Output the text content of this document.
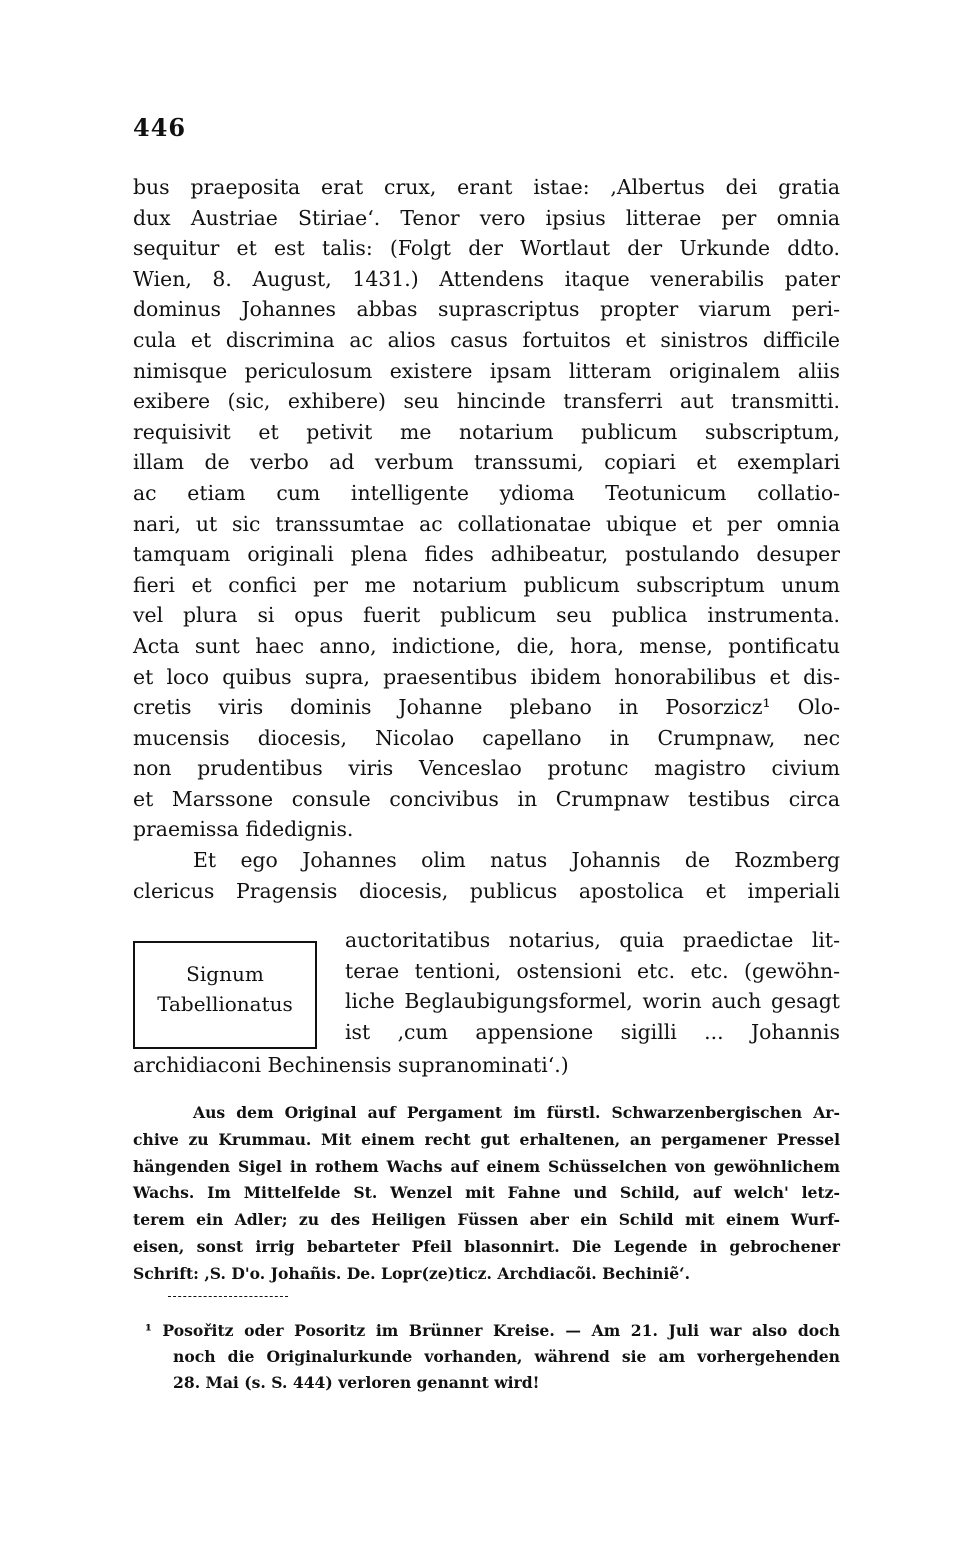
446
bus praeposita erat crux, erant istae: ,Albertus dei gratia
dux Austriae Stiriae‘. Tenor vero ipsius litterae per omnia
sequitur et est talis: (Folgt der Wortlaut der Urkunde ddto.
Wien, 8. August, 1431.) Attendens itaque venerabilis pater
dominus Johannes abbas suprascriptus propter viarum peri-
cula et discrimina ac alios casus fortuitos et sinistros difficile
nimisque periculosum existere ipsam litteram originalem aliis
exibere (sic, exhibere) seu hincinde transferri aut transmitti.
requisivit et petivit me notarium publicum subscriptum,
illam de verbo ad verbum transsumi, copiari et exemplari
ac etiam cum intelligente ydioma Teotunicum collatio-
nari, ut sic transsumtae ac collationatae ubique et per omnia
tamquam originali plena fides adhibeatur, postulando desuper
fieri et confici per me notarium publicum subscriptum unum
vel plura si opus fuerit publicum seu publica instrumenta.
Acta sunt haec anno, indictione, die, hora, mense, pontificatu
et loco quibus supra, praesentibus ibidem honorabilibus et dis-
cretis viris dominis Johanne plebano in Posorzicz¹ Olo-
mucensis diocesis, Nicolao capellano in Crumpnaw, nec
non prudentibus viris Venceslao protunc magistro civium
et Marssone consule concivibus in Crumpnaw testibus circa
praemissa fidedignis.
Et ego Johannes olim natus Johannis de Rozmberg
clericus Pragensis diocesis, publicus apostolica et imperiali
Signum
Tabellionatus
auctoritatibus notarius, quia praedictae lit-
terae tentioni, ostensioni etc. etc. (gewöhn-
liche Beglaubigungsformel, worin auch gesagt
ist ,cum appensione sigilli ... Johannis
archidiaconi Bechinensis supranominati‘.)
Aus dem Original auf Pergament im fürstl. Schwarzenbergischen Ar-
chive zu Krummau. Mit einem recht gut erhaltenen, an pergamener Pressel
hängenden Sigel in rothem Wachs auf einem Schüsselchen von gewöhnlichem
Wachs. Im Mittelfelde St. Wenzel mit Fahne und Schild, auf welch' letz-
terem ein Adler; zu des Heiligen Füssen aber ein Schild mit einem Wurf-
eisen, sonst irrig bebarteter Pfeil blasonnirt. Die Legende in gebrochener
Schrift: ,S. D'o. Johañis. De. Lopr(ze)ticz. Archdiacõi. Bechiniẽ‘.
¹ Posořitz oder Posoritz im Brünner Kreise. — Am 21. Juli war also doch
noch die Originalurkunde vorhanden, während sie am vorhergehenden
28. Mai (s. S. 444) verloren genannt wird!
